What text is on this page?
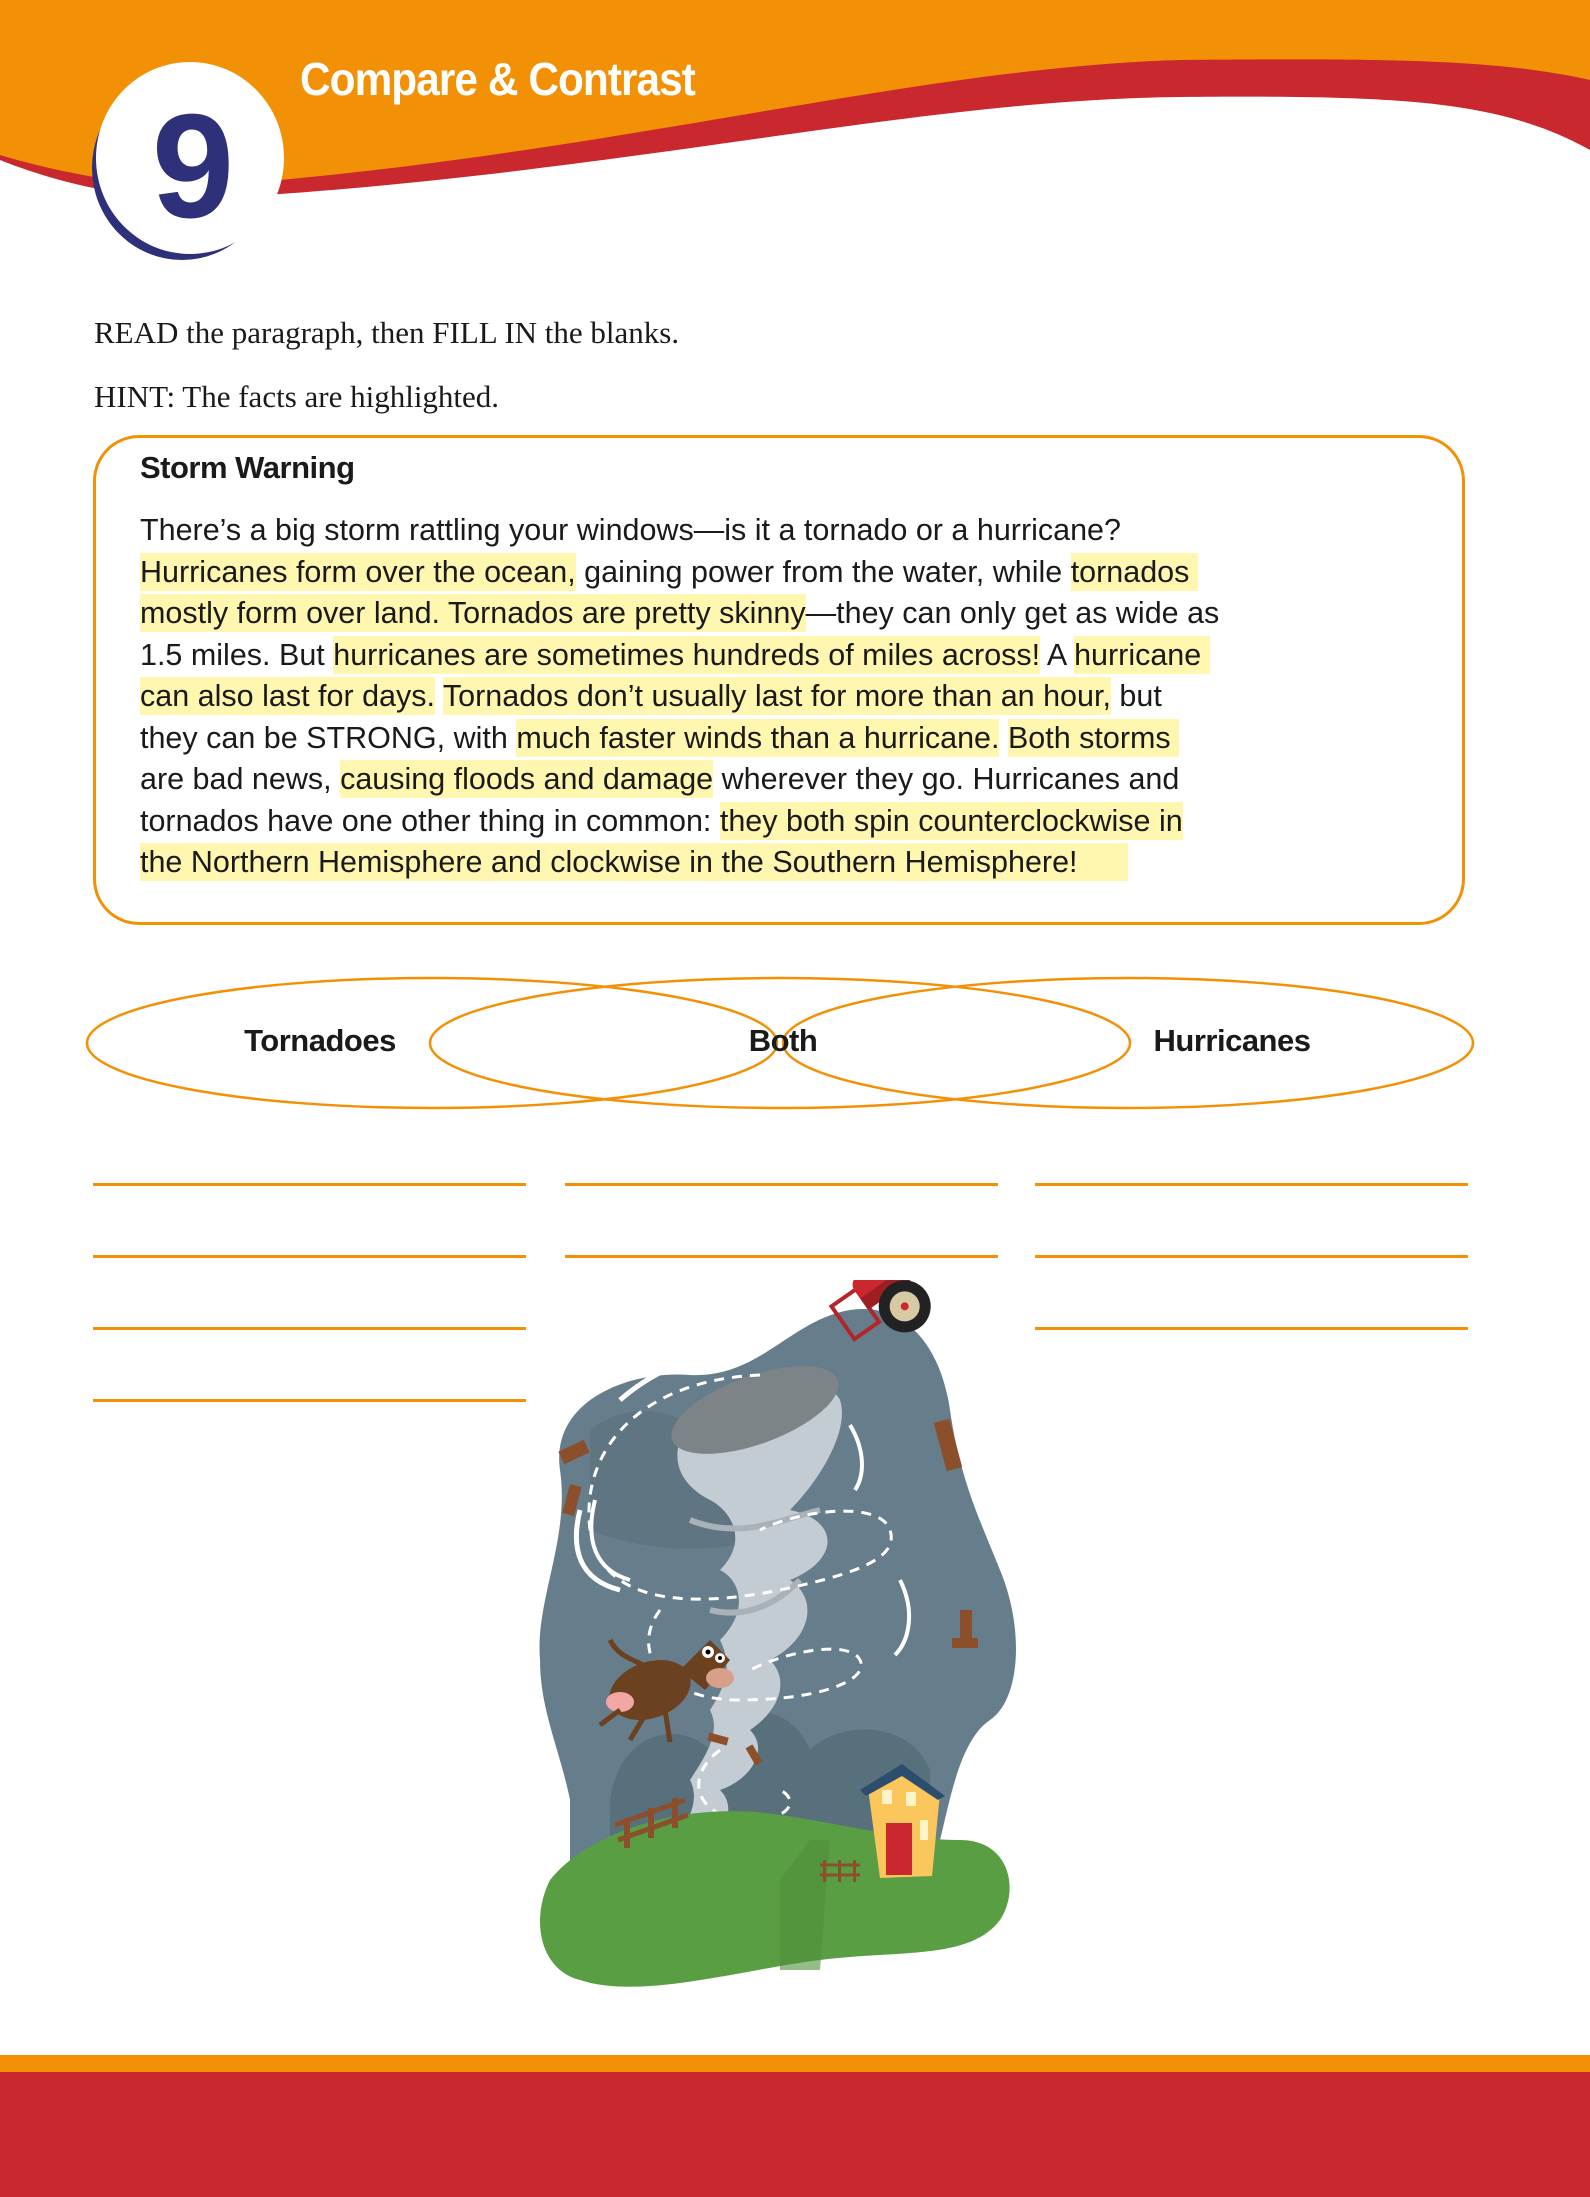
9
Compare & Contrast
READ the paragraph, then FILL IN the blanks.
HINT: The facts are highlighted.
Storm Warning
There’s a big storm rattling your windows—is it a tornado or a hurricane?
Hurricanes form over the ocean, gaining power from the water, while tornados
mostly form over land. Tornados are pretty skinny—they can only get as wide as
1.5 miles. But hurricanes are sometimes hundreds of miles across! A hurricane
can also last for days. Tornados don’t usually last for more than an hour, but
they can be STRONG, with much faster winds than a hurricane. Both storms
are bad news, causing floods and damage wherever they go. Hurricanes and
tornados have one other thing in common: they both spin counterclockwise in
the Northern Hemisphere and clockwise in the Southern Hemisphere!
Tornadoes	Both	Hurricanes
